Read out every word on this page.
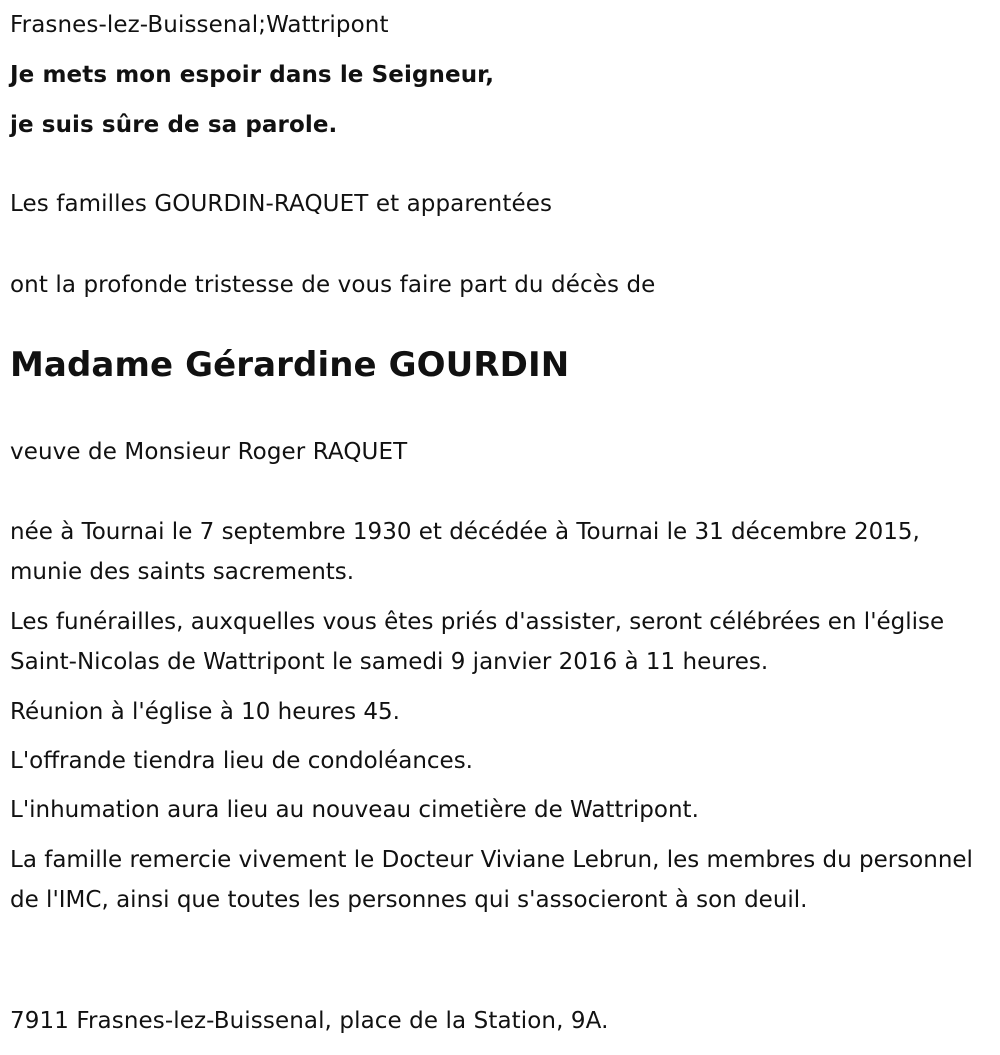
Frasnes-lez-Buissenal;Wattripont

Je mets mon espoir dans le Seigneur,

je suis sûre de sa parole.

Les familles GOURDIN-RAQUET et apparentées

ont la profonde tristesse de vous faire part du décès de

Madame Gérardine GOURDIN

veuve de Monsieur Roger RAQUET

née à Tournai le 7 septembre 1930 et décédée à Tournai le 31 décembre 2015, munie des saints sacrements.

Les funérailles, auxquelles vous êtes priés d'assister, seront célébrées en l'église Saint-Nicolas de Wattripont le samedi 9 janvier 2016 à 11 heures.

Réunion à l'église à 10 heures 45.

L'offrande tiendra lieu de condoléances.

L'inhumation aura lieu au nouveau cimetière de Wattripont.

La famille remercie vivement le Docteur Viviane Lebrun, les membres du personnel de l'IMC, ainsi que toutes les personnes qui s'associeront à son deuil.

7911 Frasnes-lez-Buissenal, place de la Station, 9A.
